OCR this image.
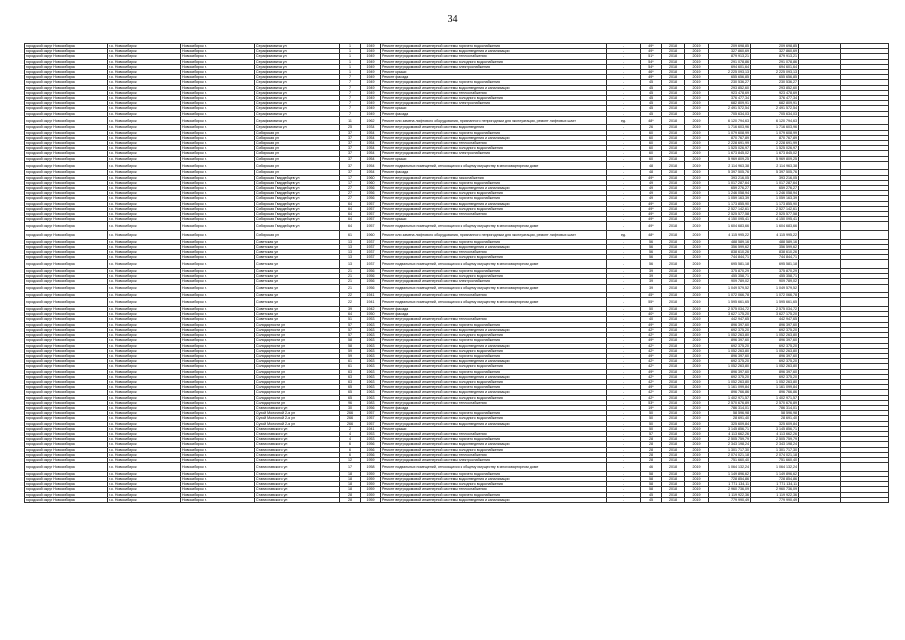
34
городской округ Новосибирск	г.о. Новосибирск	Новосибирск г.	Серафимовича ул	1	1949	Ремонт внутридомовой инженерной системы горячего водоснабжения	-	49*	2018	2019	209 698,85	209 698,85		
городской округ Новосибирск	г.о. Новосибирск	Новосибирск г.	Серафимовича ул	1	1949	Ремонт внутридомовой инженерной системы водоотведения и канализации	-	49*	2018	2019	327 860,69	327 860,69		
городской округ Новосибирск	г.о. Новосибирск	Новосибирск г.	Серафимовича ул	1	1949	Ремонт внутридомовой инженерной системы теплоснабжения	-	51*	2018	2019	879 913,21	879 913,21		
городской округ Новосибирск	г.о. Новосибирск	Новосибирск г.	Серафимовича ул	1	1949	Ремонт внутридомовой инженерной системы холодного водоснабжения	-	54*	2018	2019	291 078,86	291 078,86		
городской округ Новосибирск	г.о. Новосибирск	Новосибирск г.	Серафимовича ул	1	1949	Ремонт внутридомовой инженерной системы электроснабжения	-	54*	2018	2019	694 601,64	694 601,64		
городской округ Новосибирск	г.о. Новосибирск	Новосибирск г.	Серафимовича ул	1	1949	Ремонт крыши	-	46*	2018	2019	2 225 093,13	2 225 093,13		
городской округ Новосибирск	г.о. Новосибирск	Новосибирск г.	Серафимовича ул	7	1949	Ремонт фасада	-	49*	2018	2019	655 656,85	655 656,85		
городской округ Новосибирск	г.о. Новосибирск	Новосибирск г.	Серафимовича ул	7	1949	Ремонт внутридомовой инженерной системы горячего водоснабжения	-	45	2018	2019	230 536,27	230 536,27		
городской округ Новосибирск	г.о. Новосибирск	Новосибирск г.	Серафимовича ул	7	1949	Ремонт внутридомовой инженерной системы водоотведения и канализации	-	45	2018	2019	293 852,60	293 852,60		
городской округ Новосибирск	г.о. Новосибирск	Новосибирск г.	Серафимовича ул	7	1949	Ремонт внутридомовой инженерной системы теплоснабжения	-	45	2018	2019	923 478,69	923 478,69		
городской округ Новосибирск	г.о. Новосибирск	Новосибирск г.	Серафимовича ул	7	1949	Ремонт внутридомовой инженерной системы холодного водоснабжения	-	45	2018	2019	376 477,34	376 477,34		
городской округ Новосибирск	г.о. Новосибирск	Новосибирск г.	Серафимовича ул	7	1949	Ремонт внутридомовой инженерной системы электроснабжения	-	45	2018	2019	682 809,91	682 809,91		
городской округ Новосибирск	г.о. Новосибирск	Новосибирск г.	Серафимовича ул	7	1949	Ремонт крыши	-	45	2018	2019	2 491 572,54	2 491 572,54		
городской округ Новосибирск	г.о. Новосибирск	Новосибирск г.	Серафимовича ул	7	1949	Ремонт фасада	-	45	2018	2019	705 634,03	705 634,03		
городской округ Новосибирск	г.о. Новосибирск	Новосибирск г.	Серафимовича ул	11	1962	Ремонт или замена лифтового оборудования, признанного непригодным для эксплуатации, ремонт лифтовых шахт	ед.	48*	2018	2019	6 120 794,63	6 120 794,63		
городской округ Новосибирск	г.о. Новосибирск	Новосибирск г.	Серафимовича ул	25	1934	Ремонт внутридомовой инженерной системы водоотведения	-	26	2018	2019	1 716 603,96	1 716 603,96		
городской округ Новосибирск	г.о. Новосибирск	Новосибирск г.	Сибирская ул	37	1954	Ремонт внутридомовой инженерной системы горячего водоснабжения	-	60	2018	2019	1 079 608,99	1 079 608,99		
городской округ Новосибирск	г.о. Новосибирск	Новосибирск г.	Сибирская ул	37	1954	Ремонт внутридомовой инженерной системы водоотведения и канализации	-	60	2018	2019	870 767,89	870 767,89		
городской округ Новосибирск	г.о. Новосибирск	Новосибирск г.	Сибирская ул	37	1954	Ремонт внутридомовой инженерной системы теплоснабжения	-	60	2018	2019	2 228 691,99	2 228 691,99		
городской округ Новосибирск	г.о. Новосибирск	Новосибирск г.	Сибирская ул	37	1954	Ремонт внутридомовой инженерной системы холодного водоснабжения	-	60	2018	2019	1 525 026,97	1 525 026,97		
городской округ Новосибирск	г.о. Новосибирск	Новосибирск г.	Сибирская ул	37	1954	Ремонт внутридомовой инженерной системы электроснабжения	-	60	2018	2019	1 673 845,02	1 673 845,02		
городской округ Новосибирск	г.о. Новосибирск	Новосибирск г.	Сибирская ул	37	1954	Ремонт крыши	-	60	2018	2019	5 969 809,25	5 969 809,25		
городской округ Новосибирск	г.о. Новосибирск	Новосибирск г.	Сибирская ул	37	1954	Ремонт подвальных помещений, относящихся к общему имуществу в многоквартирном доме	-	48	2018	2019	2 114 963,38	2 114 963,38		
городской округ Новосибирск	г.о. Новосибирск	Новосибирск г.	Сибирская ул	37	1954	Ремонт фасада	-	48	2018	2019	5 397 505,76	5 397 505,76		
городской округ Новосибирск	г.о. Новосибирск	Новосибирск г.	Сибирская Гвардейцев ул	17	1960	Ремонт внутридомовой инженерной системы газоснабжения	-	49*	2018	2019	393 216,05	393 216,05		
городской округ Новосибирск	г.о. Новосибирск	Новосибирск г.	Сибирская Гвардейцев ул	17	1960	Ремонт внутридомовой инженерной системы горячего водоснабжения	-	49	2018	2019	1 017 287,64	1 017 287,64		
городской округ Новосибирск	г.о. Новосибирск	Новосибирск г.	Сибирская Гвардейцев ул	27	1956	Ремонт внутридомовой инженерной системы водоотведения и канализации	-	49	2018	2019	659 276,27	659 276,27		
городской округ Новосибирск	г.о. Новосибирск	Новосибирск г.	Сибирская Гвардейцев ул	27	1956	Ремонт внутридомовой инженерной системы холодного водоснабжения	-	49	2018	2019	1 246 058,94	1 246 058,94		
городской округ Новосибирск	г.о. Новосибирск	Новосибирск г.	Сибирская Гвардейцев ул	27	1956	Ремонт внутридомовой инженерной системы горячего водоснабжения	-	49	2018	2019	1 059 163,39	1 059 163,39		
городской округ Новосибирск	г.о. Новосибирск	Новосибирск г.	Сибирская Гвардейцев ул	64	1957	Ремонт внутридомовой инженерной системы водоотведения и канализации	-	49*	2018	2019	1 173 855,90	1 173 855,90		
городской округ Новосибирск	г.о. Новосибирск	Новосибирск г.	Сибирская Гвардейцев ул	64	1957	Ремонт внутридомовой инженерной системы холодного водоснабжения	-	49*	2018	2019	2 527 142,61	2 527 142,61		
городской округ Новосибирск	г.о. Новосибирск	Новосибирск г.	Сибирская Гвардейцев ул	64	1957	Ремонт внутридомовой инженерной системы теплоснабжения	-	49*	2018	2019	2 525 577,58	2 525 577,58		
городской округ Новосибирск	г.о. Новосибирск	Новосибирск г.	Сибирская Гвардейцев ул	64	1957	Ремонт крыши	-	49*	2018	2019	4 150 095,41	4 150 095,41		
городской округ Новосибирск	г.о. Новосибирск	Новосибирск г.	Сибирская Гвардейцев ул	64	1957	Ремонт подвальных помещений, относящихся к общему имуществу в многоквартирном доме	-	49*	2018	2019	1 604 683,66	1 604 683,66		
городской округ Новосибирск	г.о. Новосибирск	Новосибирск г.	Сибирская ул	61	1960	Ремонт или замена лифтового оборудования, признанного непригодным для эксплуатации, ремонт лифтовых шахт	ед.	48*	2018	2019	4 115 995,22	4 115 995,22		
городской округ Новосибирск	г.о. Новосибирск	Новосибирск г.	Советская ул	13	1937	Ремонт внутридомовой инженерной системы горячего водоснабжения	-	56	2018	2019	488 589,16	488 589,16		
городской округ Новосибирск	г.о. Новосибирск	Новосибирск г.	Советская ул	13	1937	Ремонт внутридомовой инженерной системы водоотведения и канализации	-	56	2018	2019	356 599,62	356 599,62		
городской округ Новосибирск	г.о. Новосибирск	Новосибирск г.	Советская ул	13	1937	Ремонт внутридомовой инженерной системы теплоснабжения	-	56	2018	2019	838 610,26	838 610,26		
городской округ Новосибирск	г.о. Новосибирск	Новосибирск г.	Советская ул	13	1937	Ремонт внутридомовой инженерной системы холодного водоснабжения	-	56	2018	2019	744 844,71	744 844,71		
городской округ Новосибирск	г.о. Новосибирск	Новосибирск г.	Советская ул	13	1937	Ремонт подвальных помещений, относящихся к общему имуществу в многоквартирном доме	-	56	2018	2019	695 581,18	695 581,18		
городской округ Новосибирск	г.о. Новосибирск	Новосибирск г.	Советская ул	21	1956	Ремонт внутридомовой инженерной системы горячего водоснабжения	-	39	2018	2019	375 870,29	375 870,29		
городской округ Новосибирск	г.о. Новосибирск	Новосибирск г.	Советская ул	21	1956	Ремонт внутридомовой инженерной системы холодного водоснабжения	-	39	2018	2019	455 358,71	455 358,71		
городской округ Новосибирск	г.о. Новосибирск	Новосибирск г.	Советская ул	21	1956	Ремонт внутридомовой инженерной системы электроснабжения	-	39	2018	2019	909 789,02	909 789,02		
городской округ Новосибирск	г.о. Новосибирск	Новосибирск г.	Советская ул	21	1956	Ремонт подвальных помещений, относящихся к общему имуществу в многоквартирном доме	-	39	2018	2019	1 049 579,52	1 049 579,52		
городской округ Новосибирск	г.о. Новосибирск	Новосибирск г.	Советская ул	22	1941	Ремонт внутридомовой инженерной системы теплоснабжения	-	45*	2018	2019	1 072 066,78	1 072 066,78		
городской округ Новосибирск	г.о. Новосибирск	Новосибирск г.	Советская ул	22	1941	Ремонт подвальных помещений, относящихся к общему имуществу в многоквартирном доме	-	55*	2018	2019	1 595 661,65	1 595 661,65		
городской округ Новосибирск	г.о. Новосибирск	Новосибирск г.	Советская ул	39	1942	Ремонт фасада	-	50	2018	2019	2 575 034,72	2 575 034,72		
городской округ Новосибирск	г.о. Новосибирск	Новосибирск г.	Советская ул	64	1950	Ремонт фасада	-	40*	2018	2019	3 627 175,20	3 627 175,20		
городской округ Новосибирск	г.о. Новосибирск	Новосибирск г.	Советская ул	51	1953	Ремонт внутридомовой инженерной системы теплоснабжения	-	40	2018	2019	442 947,65	442 947,65		
городской округ Новосибирск	г.о. Новосибирск	Новосибирск г.	Солидарности ул	57	1963	Ремонт внутридомовой инженерной системы горячего водоснабжения	-	49*	2018	2019	896 397,60	896 397,60		
городской округ Новосибирск	г.о. Новосибирск	Новосибирск г.	Солидарности ул	57	1963	Ремонт внутридомовой инженерной системы водоотведения и канализации	-	42*	2018	2019	692 375,20	692 375,20		
городской округ Новосибирск	г.о. Новосибирск	Новосибирск г.	Солидарности ул	57	1963	Ремонт внутридомовой инженерной системы холодного водоснабжения	-	42*	2018	2019	1 052 263,80	1 052 263,80		
городской округ Новосибирск	г.о. Новосибирск	Новосибирск г.	Солидарности ул	58	1963	Ремонт внутридомовой инженерной системы горячего водоснабжения	-	49*	2018	2019	896 397,60	896 397,60		
городской округ Новосибирск	г.о. Новосибирск	Новосибирск г.	Солидарности ул	58	1963	Ремонт внутридомовой инженерной системы водоотведения и канализации	-	42*	2018	2019	692 375,20	692 375,20		
городской округ Новосибирск	г.о. Новосибирск	Новосибирск г.	Солидарности ул	59	1963	Ремонт внутридомовой инженерной системы холодного водоснабжения	-	42*	2018	2019	1 052 263,80	1 052 263,80		
городской округ Новосибирск	г.о. Новосибирск	Новосибирск г.	Солидарности ул	59	1963	Ремонт внутридомовой инженерной системы горячего водоснабжения	-	49*	2018	2019	896 397,60	896 397,60		
городской округ Новосибирск	г.о. Новосибирск	Новосибирск г.	Солидарности ул	61	1963	Ремонт внутридомовой инженерной системы водоотведения и канализации	-	42*	2018	2019	692 375,20	692 375,20		
городской округ Новосибирск	г.о. Новосибирск	Новосибирск г.	Солидарности ул	61	1963	Ремонт внутридомовой инженерной системы холодного водоснабжения	-	42*	2018	2019	1 052 263,80	1 052 263,80		
городской округ Новосибирск	г.о. Новосибирск	Новосибирск г.	Солидарности ул	63	1963	Ремонт внутридомовой инженерной системы горячего водоснабжения	-	49*	2018	2019	896 397,60	896 397,60		
городской округ Новосибирск	г.о. Новосибирск	Новосибирск г.	Солидарности ул	63	1963	Ремонт внутридомовой инженерной системы водоотведения и канализации	-	42*	2018	2019	692 375,20	692 375,20		
городской округ Новосибирск	г.о. Новосибирск	Новосибирск г.	Солидарности ул	63	1963	Ремонт внутридомовой инженерной системы холодного водоснабжения	-	42*	2018	2019	1 052 263,80	1 052 263,80		
городской округ Новосибирск	г.о. Новосибирск	Новосибирск г.	Солидарности ул	65	1963	Ремонт внутридомовой инженерной системы горячего водоснабжения	-	49*	2018	2019	1 161 099,84	1 161 099,84		
городской округ Новосибирск	г.о. Новосибирск	Новосибирск г.	Солидарности ул	65	1963	Ремонт внутридомовой инженерной системы водоотведения и канализации	-	42*	2018	2019	896 766,86	896 766,86		
городской округ Новосибирск	г.о. Новосибирск	Новосибирск г.	Солидарности ул	65	1963	Ремонт внутридомовой инженерной системы холодного водоснабжения	-	42*	2018	2019	1 402 971,57	1 402 971,57		
городской округ Новосибирск	г.о. Новосибирск	Новосибирск г.	Солидарности ул	96	1983	Ремонт внутридомовой инженерной системы теплоснабжения	-	53*	2018	2019	2 570 676,89	2 570 676,89		
городской округ Новосибирск	г.о. Новосибирск	Новосибирск г.	Станиславского ул	30	1956	Ремонт фасада	-	19*	2018	2019	786 314,01	786 314,01		
городской округ Новосибирск	г.о. Новосибирск	Новосибирск г.	Сухой Молочной 2-я ул	266	1957	Ремонт внутридомовой инженерной системы горячего водоснабжения	-	50	2018	2019	58 596,98	58 596,98		
городской округ Новосибирск	г.о. Новосибирск	Новосибирск г.	Сухой Молочной 2-я ул	266	1957	Ремонт внутридомовой инженерной системы холодного водоснабжения	-	50	2018	2019	28 691,40	28 691,40		
городской округ Новосибирск	г.о. Новосибирск	Новосибирск г.	Сухой Молочной 2-я ул	266	1957	Ремонт внутридомовой инженерной системы водоотведения и канализации	-	50	2018	2019	325 609,84	325 609,84		
городской округ Новосибирск	г.о. Новосибирск	Новосибирск г.	Станиславского ул	2	1941	Ремонт крыши	-	50	2018	2019	3 145 856,71	3 145 856,71		
городской округ Новосибирск	г.о. Новосибирск	Новосибирск г.	Станиславского ул	4	1953	Ремонт внутридомовой инженерной системы теплоснабжения	-	57	2018	2019	4 113 662,26	4 113 662,26		
городской округ Новосибирск	г.о. Новосибирск	Новосибирск г.	Станиславского ул	4	1953	Ремонт внутридомовой инженерной системы горячего водоснабжения	-	28	2018	2019	2 505 759,79	2 505 759,79		
городской округ Новосибирск	г.о. Новосибирск	Новосибирск г.	Станиславского ул	6	1956	Ремонт внутридомовой инженерной системы водоотведения и канализации	-	28	2018	2019	2 343 198,24	2 343 198,24		
городской округ Новосибирск	г.о. Новосибирск	Новосибирск г.	Станиславского ул	6	1956	Ремонт внутридомовой инженерной системы холодного водоснабжения	-	28	2018	2019	1 301 717,30	1 301 717,30		
городской округ Новосибирск	г.о. Новосибирск	Новосибирск г.	Станиславского ул	6	1956	Ремонт внутридомовой инженерной системы теплоснабжения	-	28	2018	2019	2 074 021,18	2 074 021,18		
городской округ Новосибирск	г.о. Новосибирск	Новосибирск г.	Станиславского ул	12	1959	Ремонт внутридомовой инженерной системы электроснабжения	-	28	2018	2019	751 660,40	751 660,40		
городской округ Новосибирск	г.о. Новосибирск	Новосибирск г.	Станиславского ул	17	1958	Ремонт подвальных помещений, относящихся к общему имуществу в многоквартирном доме	-	46	2018	2019	1 064 132,24	1 064 132,24		
городской округ Новосибирск	г.о. Новосибирск	Новосибирск г.	Станиславского ул	18	1959	Ремонт внутридомовой инженерной системы горячего водоснабжения	-	58	2018	2019	1 149 896,62	1 149 896,62		
городской округ Новосибирск	г.о. Новосибирск	Новосибирск г.	Станиславского ул	18	1959	Ремонт внутридомовой инженерной системы водоотведения и канализации	-	58	2018	2019	728 854,86	728 854,86		
городской округ Новосибирск	г.о. Новосибирск	Новосибирск г.	Станиславского ул	18	1959	Ремонт внутридомовой инженерной системы холодного водоснабжения	-	58	2018	2019	1 771 134,11	1 771 134,11		
городской округ Новосибирск	г.о. Новосибирск	Новосибирск г.	Станиславского ул	18	1959	Ремонт внутридомовой инженерной системы теплоснабжения	-	58	2018	2019	2 960 736,09	2 960 736,09		
городской округ Новосибирск	г.о. Новосибирск	Новосибирск г.	Станиславского ул	28	1959	Ремонт внутридомовой инженерной системы горячего водоснабжения	-	45	2018	2019	1 119 922,36	1 119 922,36		
городской округ Новосибирск	г.о. Новосибирск	Новосибирск г.	Станиславского ул	28	1959	Ремонт внутридомовой инженерной системы водоотведения и канализации	-	45	2018	2019	779 990,49	779 990,49		
